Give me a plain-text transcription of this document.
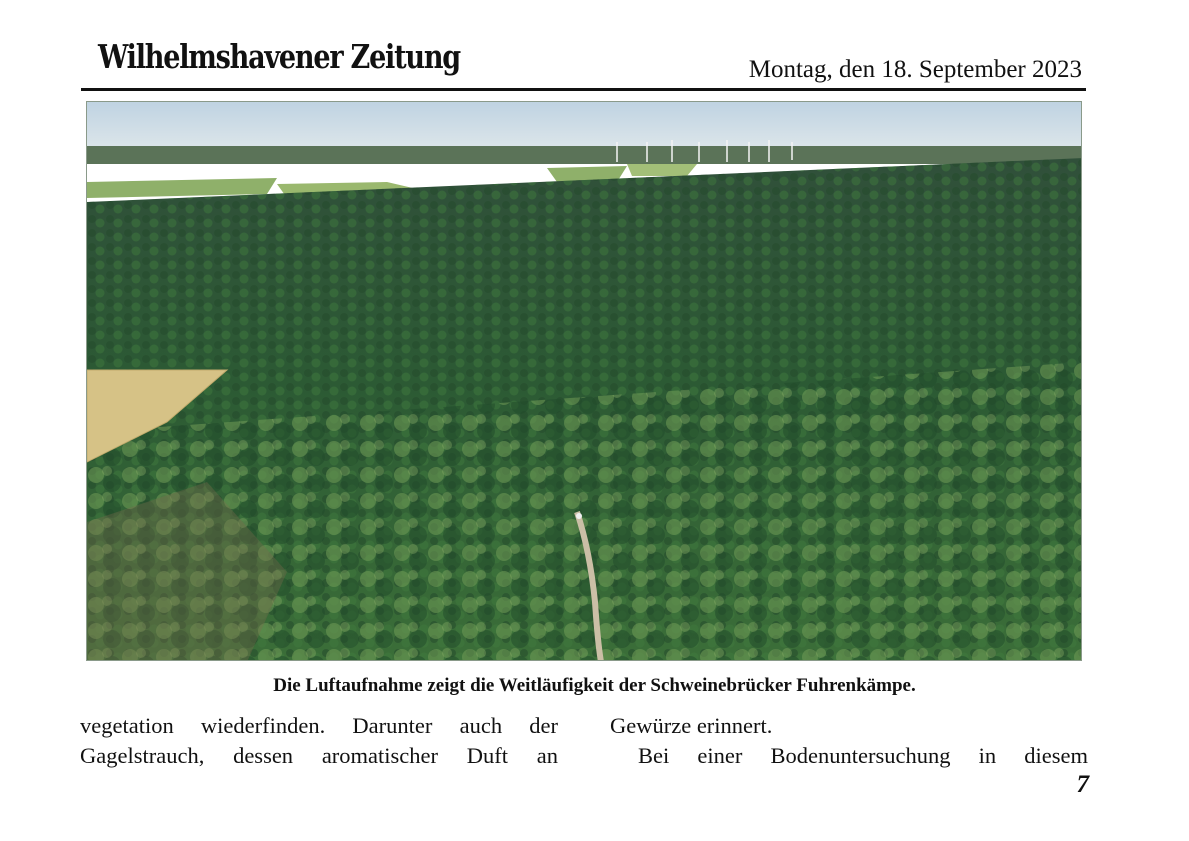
Wilhelmshavener Zeitung	Montag, den 18. September 2023
Die Luftaufnahme zeigt die Weitläufigkeit der Schweinebrücker Fuhrenkämpe.

vegetation wiederfinden. Darunter auch der

Gagelstrauch, dessen aromatischer Duft an

Gewürze erinnert.

Bei einer Bodenuntersuchung in diesem

7
